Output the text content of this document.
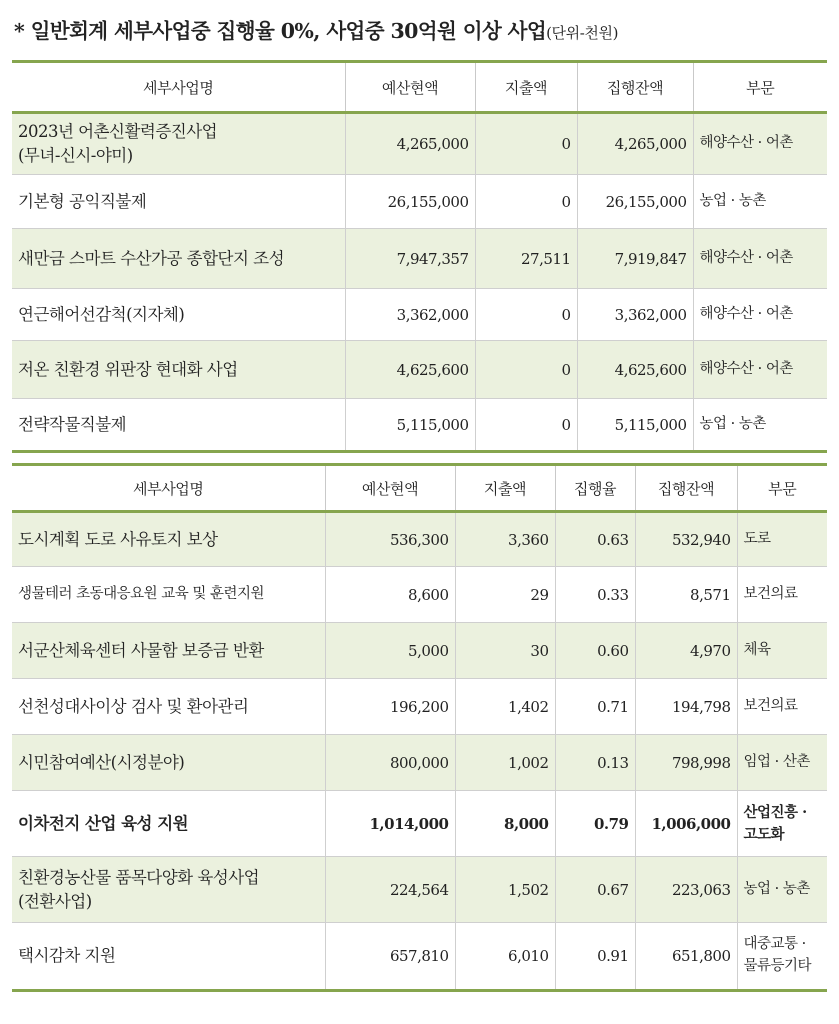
* 일반회계 세부사업중 집행율 0%, 사업중 30억원 이상 사업(단위-천원)
세부사업명	예산현액	지출액	집행잔액	부문
2023년 어촌신활력증진사업
(무녀-신시-야미)	4,265,000	0	4,265,000	해양수산 · 어촌
기본형 공익직불제	26,155,000	0	26,155,000	농업 · 농촌
새만금 스마트 수산가공 종합단지 조성	7,947,357	27,511	7,919,847	해양수산 · 어촌
연근해어선감척(지자체)	3,362,000	0	3,362,000	해양수산 · 어촌
저온 친환경 위판장 현대화 사업	4,625,600	0	4,625,600	해양수산 · 어촌
전략작물직불제	5,115,000	0	5,115,000	농업 · 농촌
세부사업명	예산현액	지출액	집행율	집행잔액	부문
도시계획 도로 사유토지 보상	536,300	3,360	0.63	532,940	도로
생물테러 초동대응요원 교육 및 훈련지원	8,600	29	0.33	8,571	보건의료
서군산체육센터 사물함 보증금 반환	5,000	30	0.60	4,970	체육
선천성대사이상 검사 및 환아관리	196,200	1,402	0.71	194,798	보건의료
시민참여예산(시정분야)	800,000	1,002	0.13	798,998	임업 · 산촌
이차전지 산업 육성 지원	1,014,000	8,000	0.79	1,006,000	산업진흥 ·
고도화
친환경농산물 품목다양화 육성사업
(전환사업)	224,564	1,502	0.67	223,063	농업 · 농촌
택시감차 지원	657,810	6,010	0.91	651,800	대중교통 ·
물류등기타
